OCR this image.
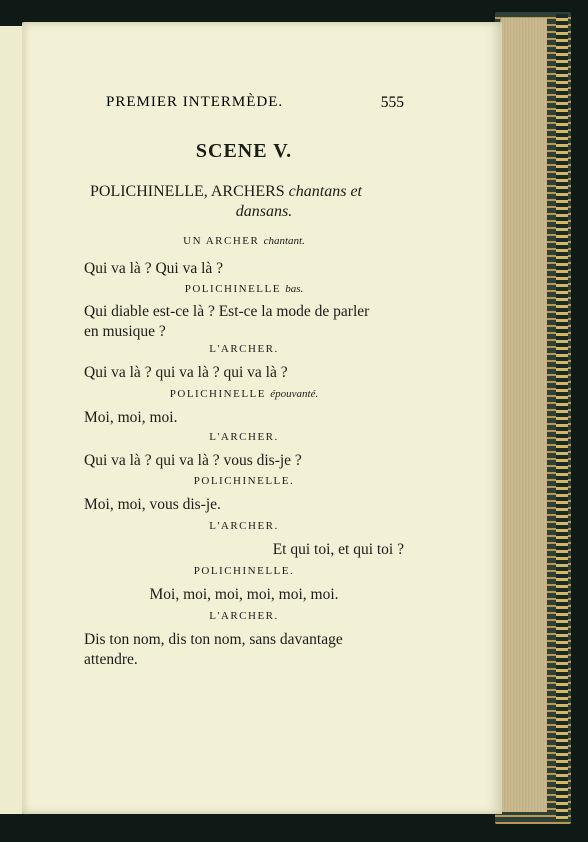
PREMIER INTERMÈDE.	555
SCENE V.
POLICHINELLE, ARCHERS chantans et
dansans.
UN ARCHER chantant.
Qui va là ? Qui va là ?
POLICHINELLE bas.
Qui diable est-ce là ? Est-ce la mode de parler
en musique ?
L'ARCHER.
Qui va là ? qui va là ? qui va là ?
POLICHINELLE épouvanté.
Moi, moi, moi.
L'ARCHER.
Qui va là ? qui va là ? vous dis-je ?
POLICHINELLE.
Moi, moi, vous dis-je.
L'ARCHER.
Et qui toi, et qui toi ?
POLICHINELLE.
Moi, moi, moi, moi, moi, moi.
L'ARCHER.
Dis ton nom, dis ton nom, sans davantage
attendre.
